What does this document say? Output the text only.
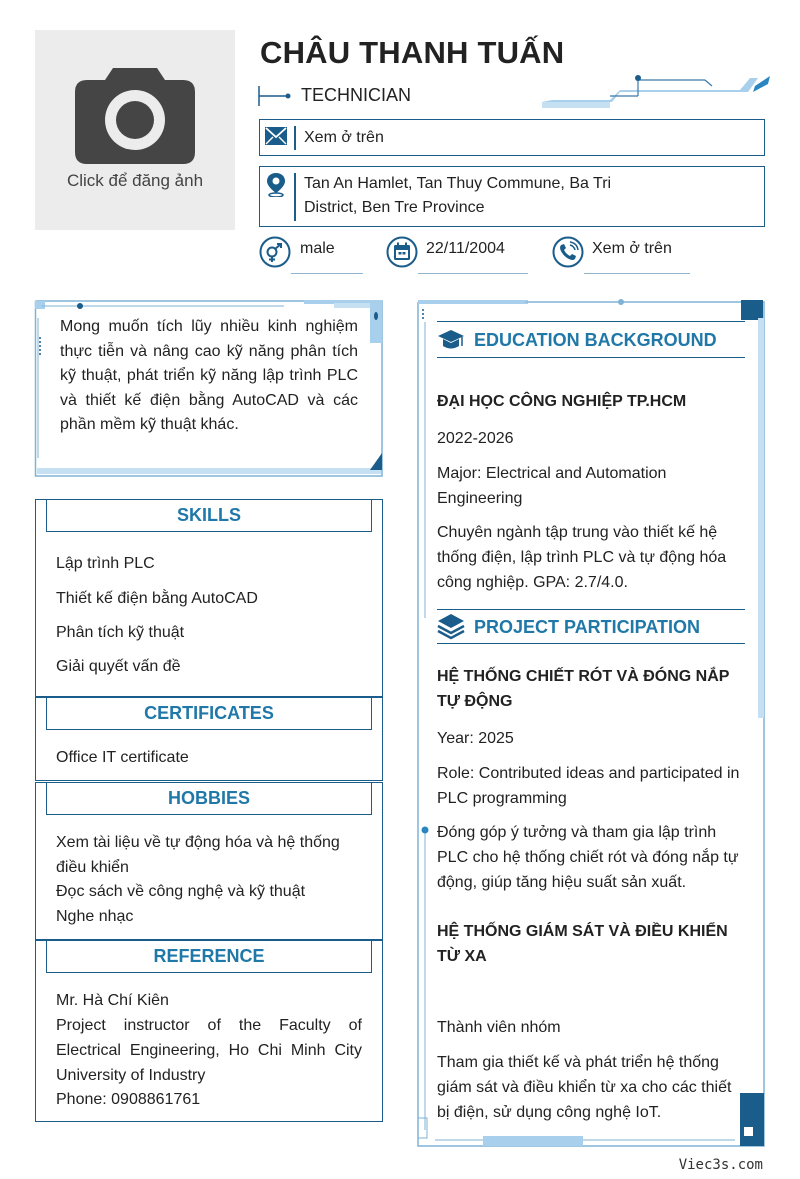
Click để đăng ảnh
CHÂU THANH TUẤN
TECHNICIAN
Xem ở trên
Tan An Hamlet, Tan Thuy Commune, Ba Tri
District, Ben Tre Province
male	22/11/2004	Xem ở trên
Mong muốn tích lũy nhiều kinh nghiệm thực tiễn và nâng cao kỹ năng phân tích kỹ thuật, phát triển kỹ năng lập trình PLC và thiết kế điện bằng AutoCAD và các phần mềm kỹ thuật khác.
SKILLS
Lập trình PLC
Thiết kế điện bằng AutoCAD
Phân tích kỹ thuật
Giải quyết vấn đề
CERTIFICATES
Office IT certificate
HOBBIES
Xem tài liệu về tự động hóa và hệ thống điều khiển
Đọc sách về công nghệ và kỹ thuật
Nghe nhạc
REFERENCE
Mr. Hà Chí Kiên
Project instructor of the Faculty of Electrical Engineering, Ho Chi Minh City University of Industry
Phone: 0908861761
EDUCATION BACKGROUND
ĐẠI HỌC CÔNG NGHIỆP TP.HCM
2022-2026
Major: Electrical and Automation Engineering
Chuyên ngành tập trung vào thiết kế hệ thống điện, lập trình PLC và tự động hóa công nghiệp. GPA: 2.7/4.0.
PROJECT PARTICIPATION
HỆ THỐNG CHIẾT RÓT VÀ ĐÓNG NẮP TỰ ĐỘNG
Year: 2025
Role: Contributed ideas and participated in PLC programming
Đóng góp ý tưởng và tham gia lập trình PLC cho hệ thống chiết rót và đóng nắp tự động, giúp tăng hiệu suất sản xuất.
HỆ THỐNG GIÁM SÁT VÀ ĐIỀU KHIỂN TỪ XA
Thành viên nhóm
Tham gia thiết kế và phát triển hệ thống giám sát và điều khiển từ xa cho các thiết bị điện, sử dụng công nghệ IoT.
Viec3s.com
